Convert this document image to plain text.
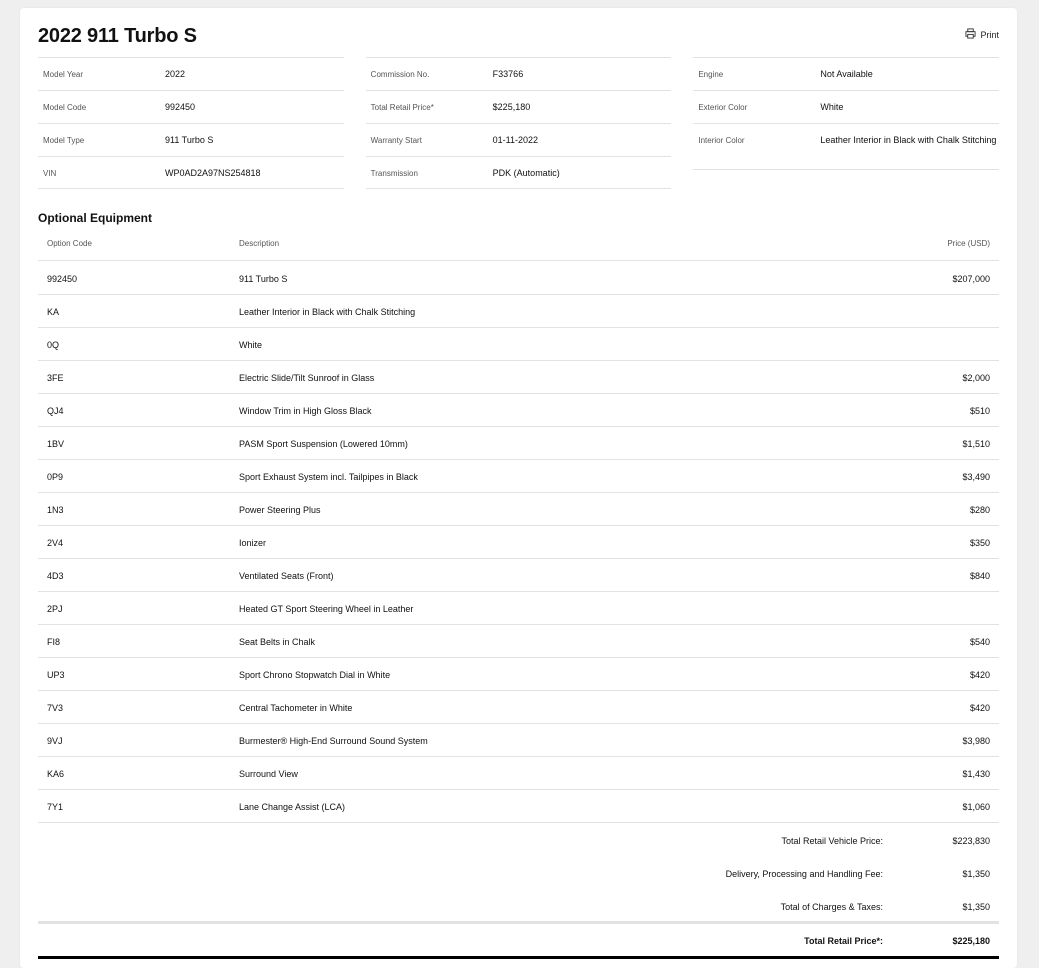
2022 911 Turbo S	Print
Model Year	2022
Model Code	992450
Model Type	911 Turbo S
VIN	WP0AD2A97NS254818
Commission No.	F33766
Total Retail Price*	$225,180
Warranty Start	01-11-2022
Transmission	PDK (Automatic)
Engine	Not Available
Exterior Color	White
Interior Color	Leather Interior in Black with Chalk Stitching
Optional Equipment
Option Code	Description	Price (USD)
992450	911 Turbo S	$207,000
KA	Leather Interior in Black with Chalk Stitching
0Q	White
3FE	Electric Slide/Tilt Sunroof in Glass	$2,000
QJ4	Window Trim in High Gloss Black	$510
1BV	PASM Sport Suspension (Lowered 10mm)	$1,510
0P9	Sport Exhaust System incl. Tailpipes in Black	$3,490
1N3	Power Steering Plus	$280
2V4	Ionizer	$350
4D3	Ventilated Seats (Front)	$840
2PJ	Heated GT Sport Steering Wheel in Leather
FI8	Seat Belts in Chalk	$540
UP3	Sport Chrono Stopwatch Dial in White	$420
7V3	Central Tachometer in White	$420
9VJ	Burmester® High-End Surround Sound System	$3,980
KA6	Surround View	$1,430
7Y1	Lane Change Assist (LCA)	$1,060
Total Retail Vehicle Price:	$223,830
Delivery, Processing and Handling Fee:	$1,350
Total of Charges & Taxes:	$1,350
Total Retail Price*:	$225,180
